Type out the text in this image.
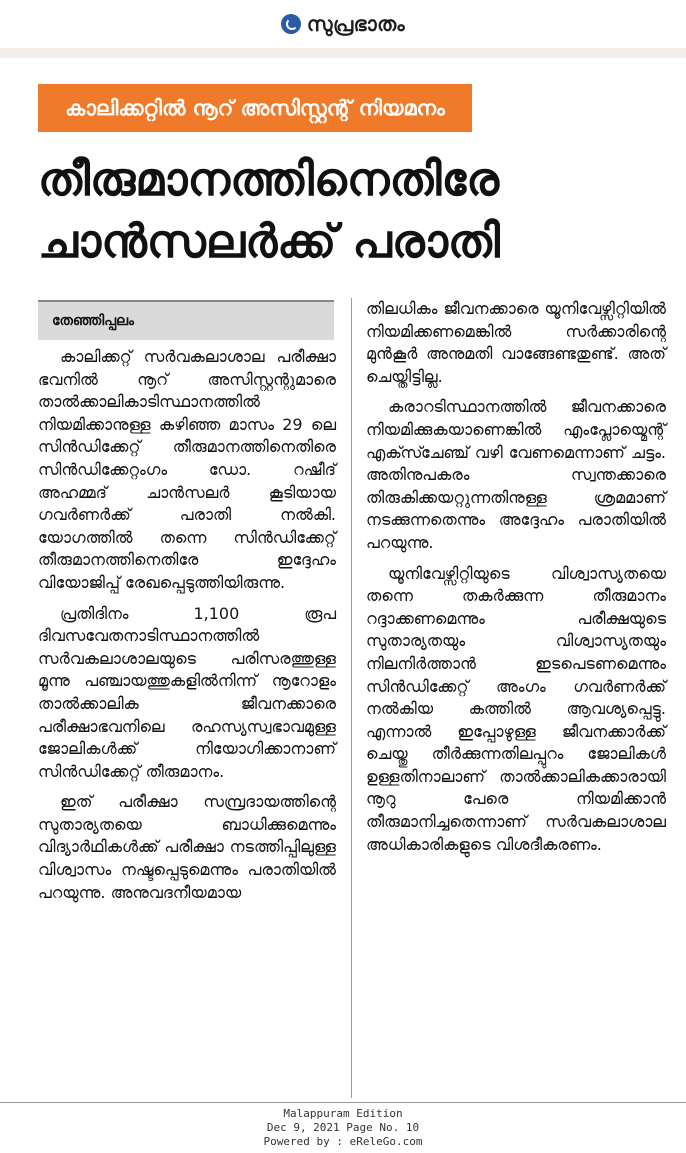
സുപ്രഭാതം
കാലിക്കറ്റിൽ നൂറ് അസിസ്റ്റന്റ് നിയമനം
തീരുമാനത്തിനെതിരേ
ചാൻസലർക്ക് പരാതി
തേഞ്ഞിപ്പലം

കാലിക്കറ്റ് സർവകലാശാല പരീക്ഷാ ഭവനിൽ നൂറ് അസിസ്റ്റന്റുമാരെ താൽക്കാലികാടിസ്ഥാനത്തിൽ നിയമിക്കാനുള്ള കഴിഞ്ഞ മാസം 29 ലെ സിൻഡിക്കേറ്റ് തീരുമാനത്തിനെതിരെ സിൻഡിക്കേറ്റംഗം ഡോ. റഷീദ് അഹമ്മദ് ചാൻസലർ കൂടിയായ ഗവർണർക്ക് പരാതി നൽകി. യോഗത്തിൽ തന്നെ സിൻഡിക്കേറ്റ് തീരുമാനത്തിനെതിരേ ഇദ്ദേഹം വിയോജിപ്പ് രേഖപ്പെടുത്തിയിരുന്നു.

പ്രതിദിനം 1,100 രൂപ ദിവസവേതനാടിസ്ഥാനത്തിൽ സർവകലാശാലയുടെ പരിസരത്തുള്ള മൂന്നു പഞ്ചായത്തുകളിൽനിന്ന് നൂറോളം താൽക്കാലിക ജീവനക്കാരെ പരീക്ഷാഭവനിലെ രഹസ്യസ്വഭാവമുള്ള ജോലികൾക്ക് നിയോഗിക്കാനാണ് സിൻഡിക്കേറ്റ് തീരുമാനം.

ഇത് പരീക്ഷാ സമ്പ്രദായത്തിന്റെ സുതാര്യതയെ ബാധിക്കുമെന്നും വിദ്യാർഥികൾക്ക് പരീക്ഷാ നടത്തിപ്പിലുള്ള വിശ്വാസം നഷ്ടപ്പെടുമെന്നും പരാതിയിൽ പറയുന്നു. അനുവദനീയമായ

തിലധികം ജീവനക്കാരെ യൂനിവേഴ്സിറ്റിയിൽ നിയമിക്കണമെങ്കിൽ സർക്കാരിന്റെ മുൻകൂർ അനുമതി വാങ്ങേണ്ടതുണ്ട്. അത് ചെയ്തിട്ടില്ല.

കരാറടിസ്ഥാനത്തിൽ ജീവനക്കാരെ നിയമിക്കുകയാണെങ്കിൽ എംപ്ലോയ്മെന്റ് എക്സ്ചേഞ്ച് വഴി വേണമെന്നാണ് ചട്ടം. അതിനുപകരം സ്വന്തക്കാരെ തിരുകിക്കയറ്റുന്നതിനുള്ള ശ്രമമാണ് നടക്കുന്നതെന്നും അദ്ദേഹം പരാതിയിൽ പറയുന്നു.

യൂനിവേഴ്സിറ്റിയുടെ വിശ്വാസ്യതയെ തന്നെ തകർക്കുന്ന തീരുമാനം റദ്ദാക്കണമെന്നും പരീക്ഷയുടെ സുതാര്യതയും വിശ്വാസ്യതയും നിലനിർത്താൻ ഇടപെടണമെന്നും സിൻഡിക്കേറ്റ് അംഗം ഗവർണർക്ക് നൽകിയ കത്തിൽ ആവശ്യപ്പെട്ടു. എന്നാൽ ഇപ്പോഴുള്ള ജീവനക്കാർക്ക് ചെയ്തു തീർക്കുന്നതിലപ്പുറം ജോലികൾ ഉള്ളതിനാലാണ് താൽക്കാലികക്കാരായി നൂറു പേരെ നിയമിക്കാൻ തീരുമാനിച്ചതെന്നാണ് സർവകലാശാല അധികാരികളുടെ വിശദീകരണം.

Malappuram Edition
Dec 9, 2021 Page No. 10
Powered by : eReleGo.com
